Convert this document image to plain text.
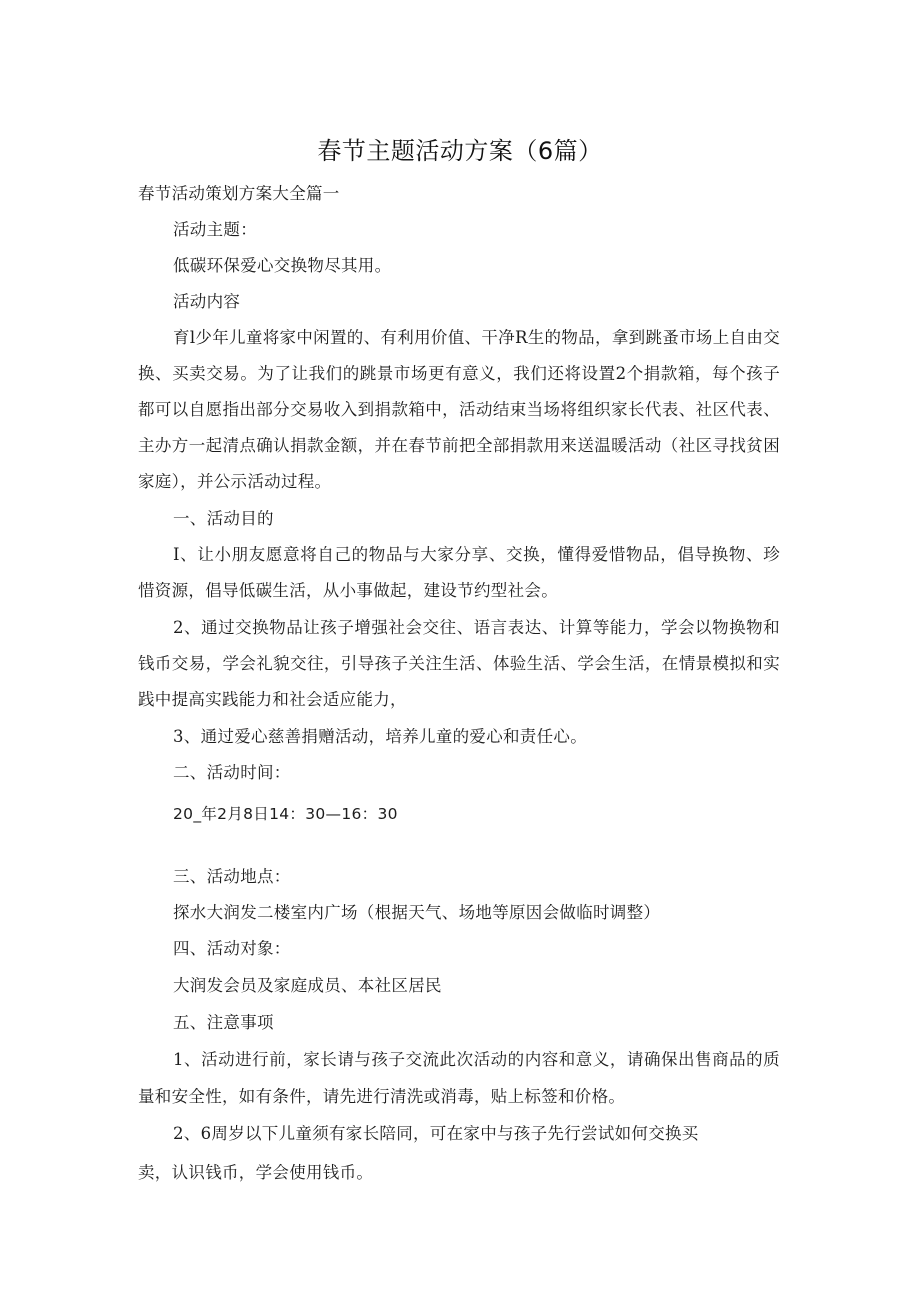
春节主题活动方案（6篇）
春节活动策划方案大全篇一
活动主题：
低碳环保爱心交换物尽其用。
活动内容
育l少年儿童将家中闲置的、有利用价值、干净R生的物品，拿到跳蚤市场上自由交
换、买卖交易。为了让我们的跳景市场更有意义，我们还将设置2个捐款箱，每个孩子
都可以自愿指出部分交易收入到捐款箱中，活动结束当场将组织家长代表、社区代表、
主办方一起清点确认捐款金额，并在春节前把全部捐款用来送温暖活动（社区寻找贫困
家庭），并公示活动过程。
一、活动目的
I、让小朋友愿意将自己的物品与大家分享、交换，懂得爱惜物品，倡导换物、珍
惜资源，倡导低碳生活，从小事做起，建设节约型社会。
2、通过交换物品让孩子增强社会交往、语言表达、计算等能力，学会以物换物和
钱币交易，学会礼貌交往，引导孩子关注生活、体验生活、学会生活，在情景模拟和实
践中提高实践能力和社会适应能力，
3、通过爱心慈善捐赠活动，培养儿童的爱心和责任心。
二、活动时间：
20_年2月8日14：30—16：30
三、活动地点：
探水大润发二楼室内广场（根据天气、场地等原因会做临时调整）
四、活动对象：
大润发会员及家庭成员、本社区居民
五、注意事项
1、活动进行前，家长请与孩子交流此次活动的内容和意义，请确保出售商品的质
量和安全性，如有条件，请先进行清洗或消毒，贴上标签和价格。
2、6周岁以下儿童须有家长陪同，可在家中与孩子先行尝试如何交换买
卖，认识钱币，学会使用钱币。
